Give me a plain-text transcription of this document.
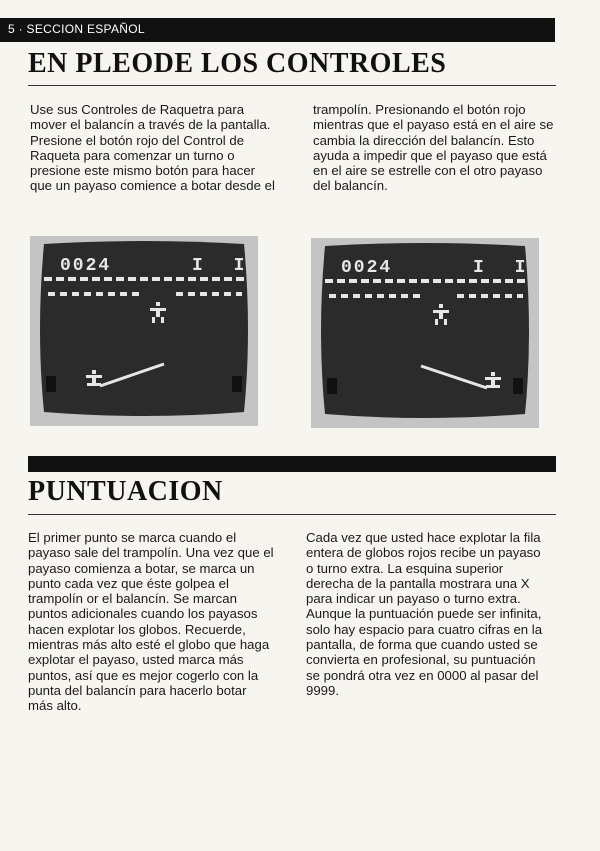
5 · SECCION ESPAÑOL
EN PLEODE LOS CONTROLES

Use sus Controles de Raquetra para mover el balancín a través de la pantalla. Presione el botón rojo del Control de Raqueta para comenzar un turno o presione este mismo botón para hacer que un payaso comience a botar desde el

trampolín. Presionando el botón rojo mientras que el payaso está en el aire se cambia la dirección del balancín. Esto ayuda a impedir que el payaso que está en el aire se estrelle con el otro payaso del balancín.

0024	I I	0024	I I
PUNTUACION

El primer punto se marca cuando el payaso sale del trampolín. Una vez que el payaso comienza a botar, se marca un punto cada vez que éste golpea el trampolín or el balancín. Se marcan puntos adicionales cuando los payasos hacen explotar los globos. Recuerde, mientras más alto esté el globo que haga explotar el payaso, usted marca más puntos, así que es mejor cogerlo con la punta del balancín para hacerlo botar más alto.

Cada vez que usted hace explotar la fila entera de globos rojos recibe un payaso o turno extra. La esquina superior derecha de la pantalla mostrara una X para indicar un payaso o turno extra. Aunque la puntuación puede ser infinita, solo hay espacio para cuatro cifras en la pantalla, de forma que cuando usted se convierta en profesional, su puntuación se pondrá otra vez en 0000 al pasar del 9999.
